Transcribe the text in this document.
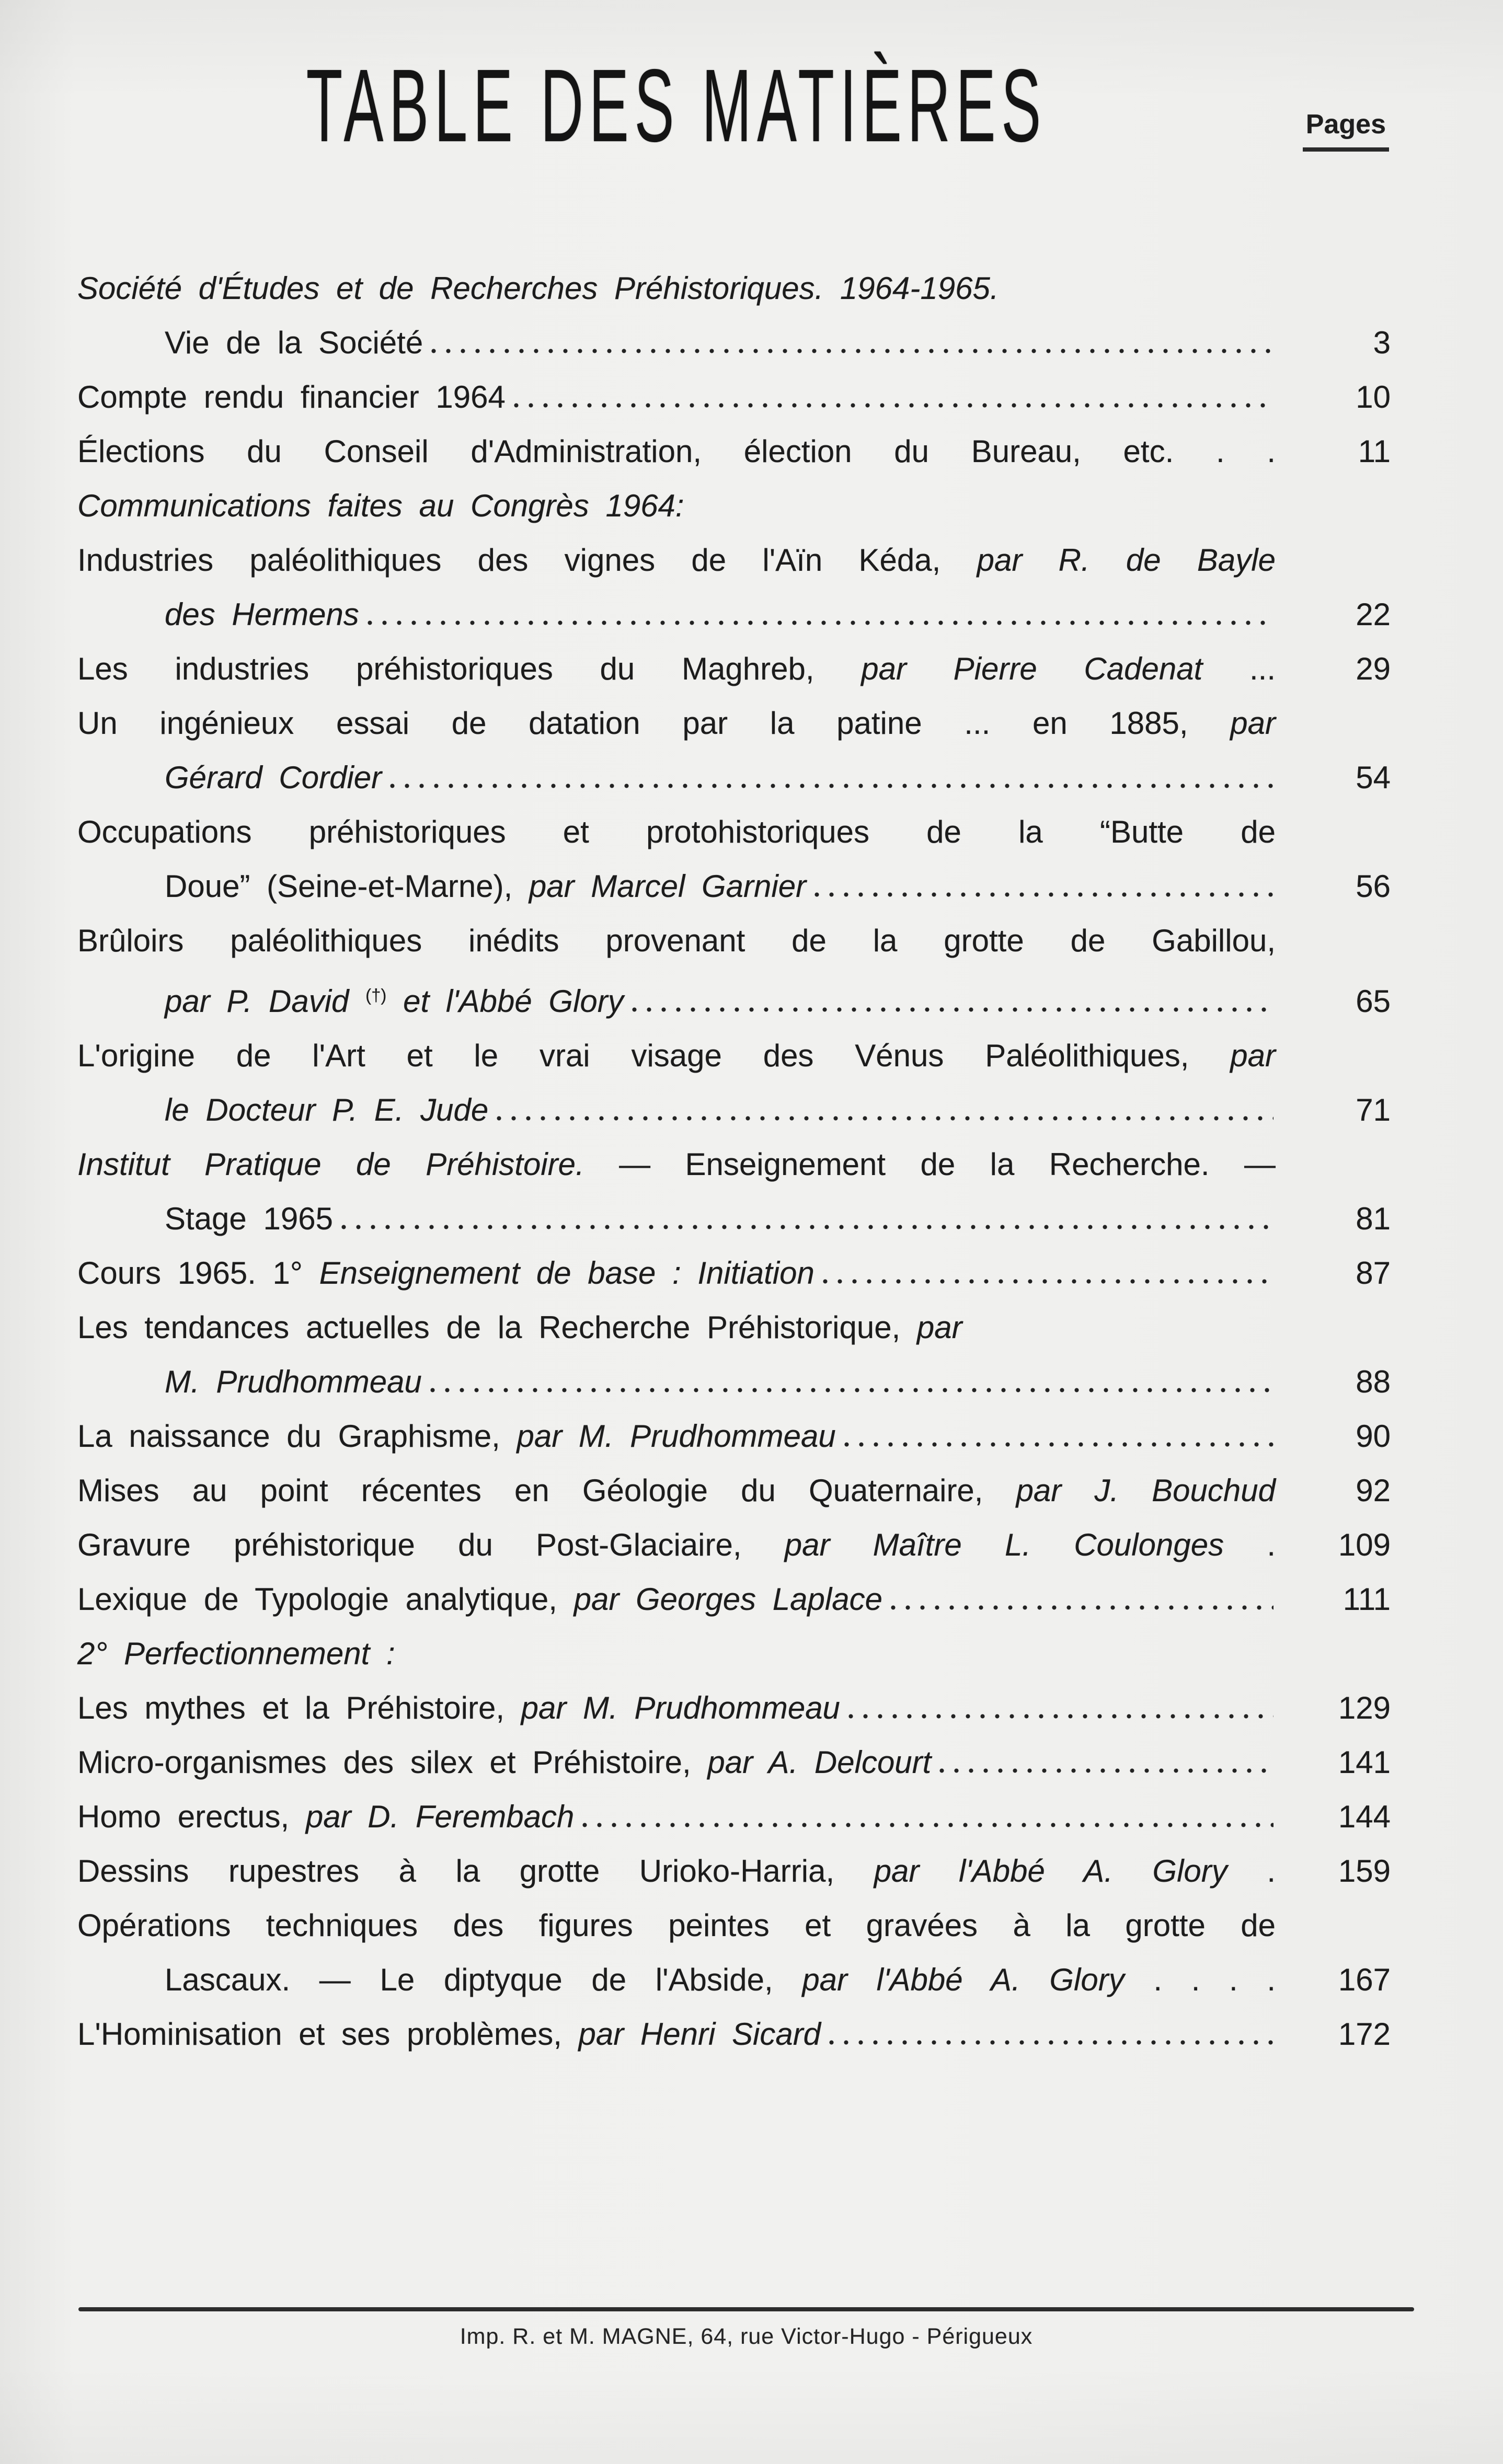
TABLE DES MATIÈRES	Pages
Société d'Études et de Recherches Préhistoriques. 1964-1965.
Vie de la Société	3
Compte rendu financier 1964	10
Élections du Conseil d'Administration, élection du Bureau, etc. . .	11
Communications faites au Congrès 1964:
Industries paléolithiques des vignes de l'Aïn Kéda, par R. de Bayle
des Hermens	22
Les industries préhistoriques du Maghreb, par Pierre Cadenat ...	29
Un ingénieux essai de datation par la patine ... en 1885, par
Gérard Cordier	54
Occupations préhistoriques et protohistoriques de la “Butte de
Doue” (Seine-et-Marne), par Marcel Garnier	56
Brûloirs paléolithiques inédits provenant de la grotte de Gabillou,
par P. David (†) et l'Abbé Glory	65
L'origine de l'Art et le vrai visage des Vénus Paléolithiques, par
le Docteur P. E. Jude	71
Institut Pratique de Préhistoire. — Enseignement de la Recherche. —
Stage 1965	81
Cours 1965. 1° Enseignement de base : Initiation	87
Les tendances actuelles de la Recherche Préhistorique, par
M. Prudhommeau	88
La naissance du Graphisme, par M. Prudhommeau	90
Mises au point récentes en Géologie du Quaternaire, par J. Bouchud	92
Gravure préhistorique du Post-Glaciaire, par Maître L. Coulonges .	109
Lexique de Typologie analytique, par Georges Laplace	111
2° Perfectionnement :
Les mythes et la Préhistoire, par M. Prudhommeau	129
Micro-organismes des silex et Préhistoire, par A. Delcourt	141
Homo erectus, par D. Ferembach	144
Dessins rupestres à la grotte Urioko-Harria, par l'Abbé A. Glory .	159
Opérations techniques des figures peintes et gravées à la grotte de
Lascaux. — Le diptyque de l'Abside, par l'Abbé A. Glory . . . .	167
L'Hominisation et ses problèmes, par Henri Sicard	172
Imp. R. et M. MAGNE, 64, rue Victor-Hugo - Périgueux
